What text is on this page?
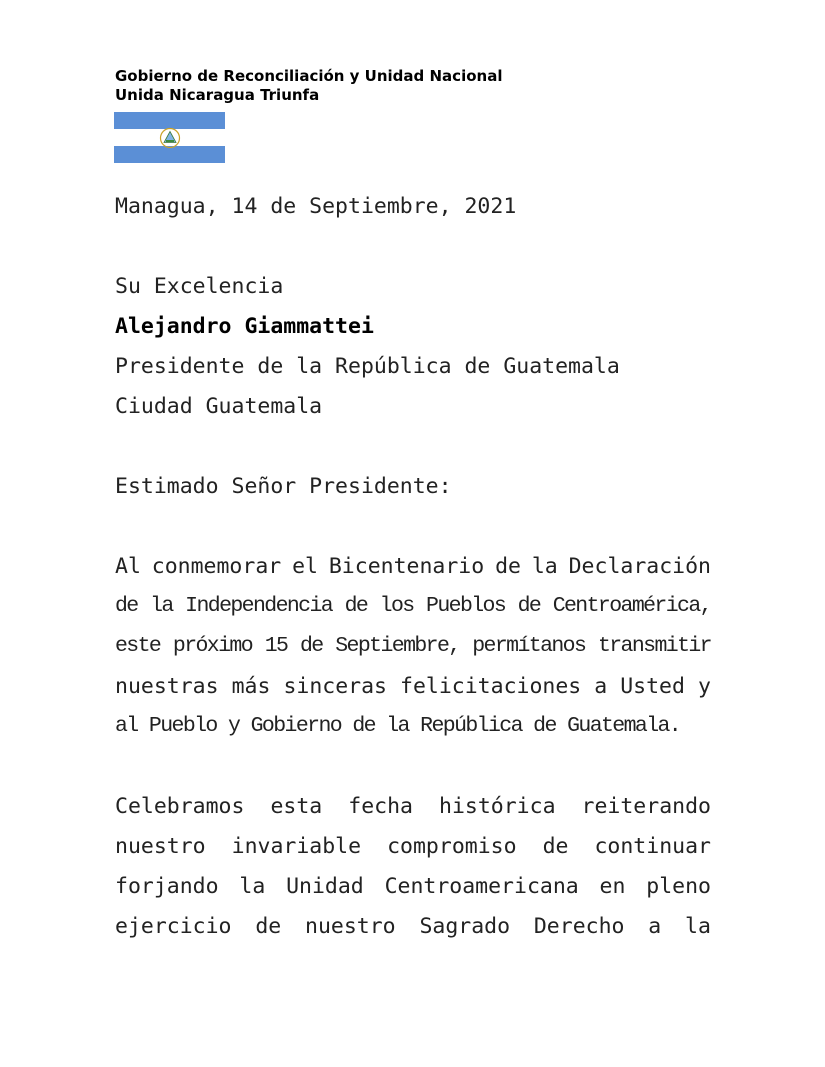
Gobierno de Reconciliación y Unidad Nacional
Unida Nicaragua Triunfa
Managua, 14 de Septiembre, 2021
Su Excelencia
Alejandro Giammattei
Presidente de la República de Guatemala
Ciudad Guatemala
Estimado Señor Presidente:
Al conmemorar el Bicentenario de la Declaración
de la Independencia de los Pueblos de Centroamérica,
este próximo 15 de Septiembre, permítanos transmitir
nuestras más sinceras felicitaciones a Usted y
al Pueblo y Gobierno de la República de Guatemala.
Celebramos esta fecha histórica reiterando
nuestro invariable compromiso de continuar
forjando la Unidad Centroamericana en pleno
ejercicio de nuestro Sagrado Derecho a la
